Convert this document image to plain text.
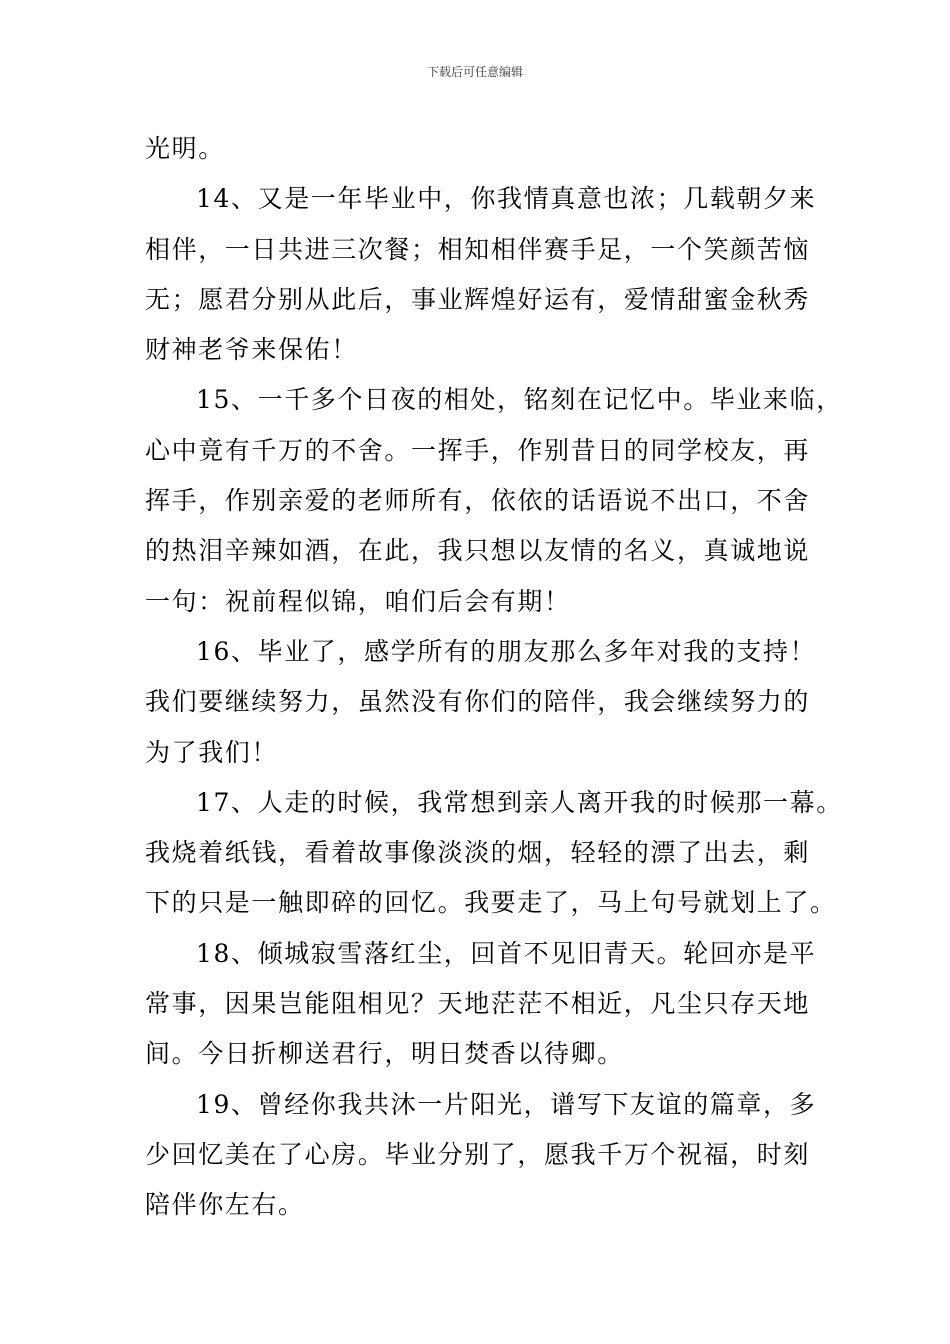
下载后可任意编辑
光明。
14、又是一年毕业中，你我情真意也浓；几载朝夕来
相伴，一日共进三次餐；相知相伴赛手足，一个笑颜苦恼
无；愿君分别从此后，事业辉煌好运有，爱情甜蜜金秋秀
财神老爷来保佑！
15、一千多个日夜的相处，铭刻在记忆中。毕业来临，
心中竟有千万的不舍。一挥手，作别昔日的同学校友，再
挥手，作别亲爱的老师所有，依依的话语说不出口，不舍
的热泪辛辣如酒，在此，我只想以友情的名义，真诚地说
一句：祝前程似锦，咱们后会有期！
16、毕业了，感学所有的朋友那么多年对我的支持！
我们要继续努力，虽然没有你们的陪伴，我会继续努力的
为了我们！
17、人走的时候，我常想到亲人离开我的时候那一幕。
我烧着纸钱，看着故事像淡淡的烟，轻轻的漂了出去，剩
下的只是一触即碎的回忆。我要走了，马上句号就划上了。
18、倾城寂雪落红尘，回首不见旧青天。轮回亦是平
常事，因果岂能阻相见？天地茫茫不相近，凡尘只存天地
间。今日折柳送君行，明日焚香以待卿。
19、曾经你我共沐一片阳光，谱写下友谊的篇章，多
少回忆美在了心房。毕业分别了，愿我千万个祝福，时刻
陪伴你左右。
